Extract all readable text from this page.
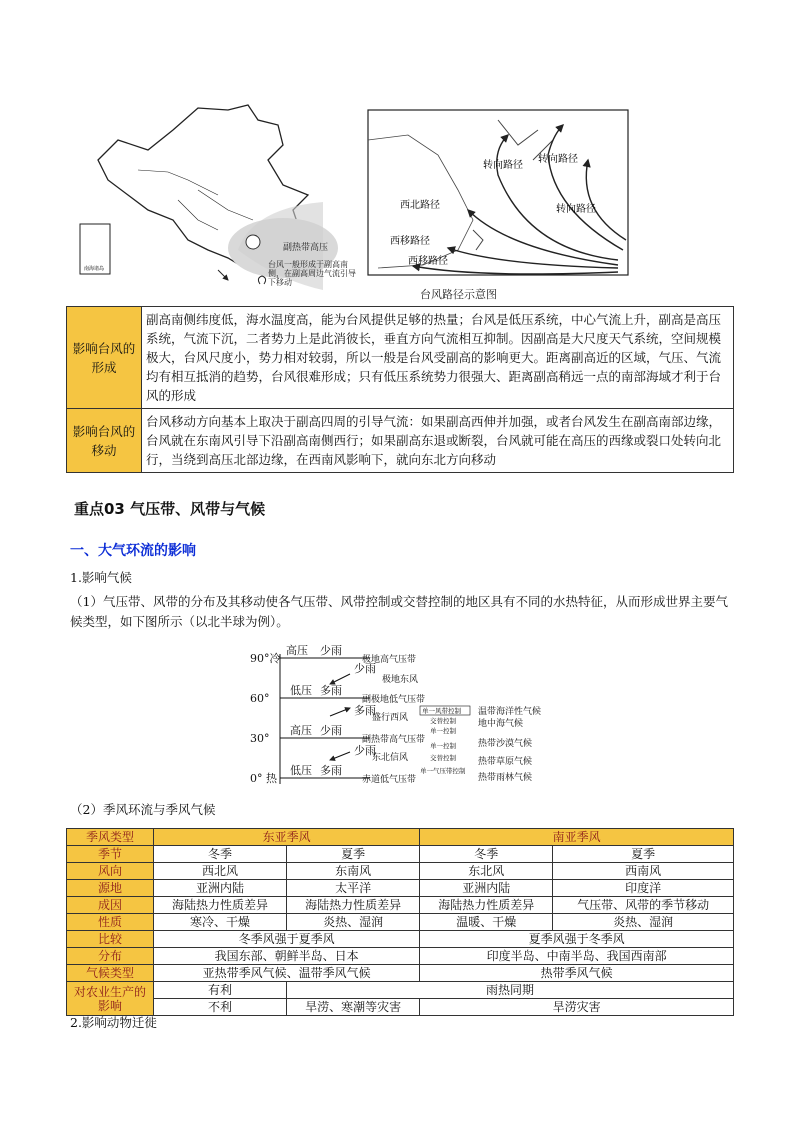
副热带高压
台风一般形成于副高南侧，在副高周边气流引导下移动
南海诸岛
转向路径
转向路径
转向路径
西北路径
西移路径
西移路径
台风路径示意图
影响台风的形成	副高南侧纬度低，海水温度高，能为台风提供足够的热量；台风是低压系统，中心气流上升，副高是高压系统，气流下沉，二者势力上是此消彼长，垂直方向气流相互抑制。因副高是大尺度天气系统，空间规模极大，台风尺度小，势力相对较弱，所以一般是台风受副高的影响更大。距离副高近的区域，气压、气流均有相互抵消的趋势，台风很难形成；只有低压系统势力很强大、距离副高稍远一点的南部海域才利于台风的形成
影响台风的移动	台风移动方向基本上取决于副高四周的引导气流：如果副高西伸并加强，或者台风发生在副高南部边缘，台风就在东南风引导下沿副高南侧西行；如果副高东退或断裂，台风就可能在高压的西缘或裂口处转向北行，当绕到高压北部边缘，在西南风影响下，就向东北方向移动
重点03 气压带、风带与气候
一、大气环流的影响
1.影响气候
（1）气压带、风带的分布及其移动使各气压带、风带控制或交替控制的地区具有不同的水热特征，从而形成世界主要气候类型，如下图所示（以北半球为例）。
90°冷
60°
30°
0° 热
高压 少雨
少雨
低压 多雨
多雨
高压 少雨
少雨
低压 多雨
极地高气压带
极地东风
副极地低气压带
盛行西风
副热带高气压带
东北信风
赤道低气压带
单一风带控制
交替控制
单一控制
单一控制
交替控制
单一气压带控制
温带海洋性气候
地中海气候
热带沙漠气候
热带草原气候
热带雨林气候
（2）季风环流与季风气候
季风类型	东亚季风		南亚季风	
季节	冬季	夏季	冬季	夏季
风向	西北风	东南风	东北风	西南风
源地	亚洲内陆	太平洋	亚洲内陆	印度洋
成因	海陆热力性质差异	海陆热力性质差异	海陆热力性质差异	气压带、风带的季节移动
性质	寒冷、干燥	炎热、湿润	温暖、干燥	炎热、湿润
比较	冬季风强于夏季风		夏季风强于冬季风	
分布	我国东部、朝鲜半岛、日本		印度半岛、中南半岛、我国西南部	
气候类型	亚热带季风气候、温带季风气候		热带季风气候	
对农业生产的影响	有利	雨热同期		
	不利	旱涝、寒潮等灾害	旱涝灾害	
2.影响动物迁徙
